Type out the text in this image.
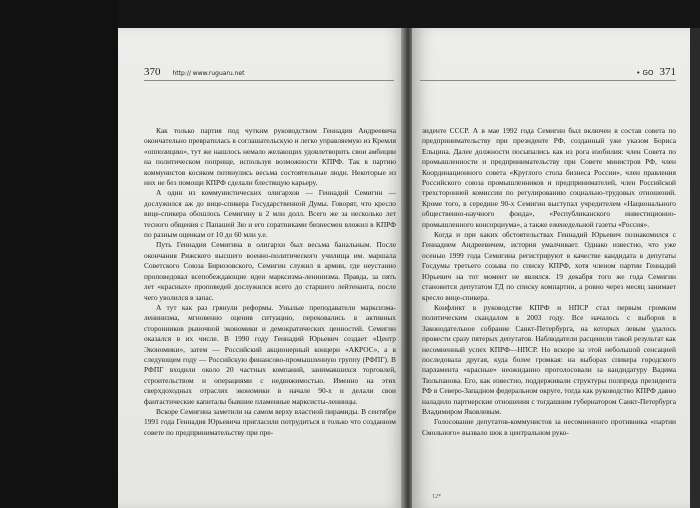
370 http:// www.ruguaru.net

Как только партия под чутким руководством Геннадия Андреевича окончательно превратилась в соглашательскую и легко управляемую из Кремля «оппозицию», тут же нашлось немало желающих удовлетворить свои амбиции на политическом поприще, используя возможности КПРФ. Так в партию коммунистов косяком потянулись весьма состоятельные люди. Некоторые из них не без помощи КПРФ сделали блестящую карьеру.

А один из коммунистических олигархов — Геннадий Семигин — дослужился аж до вице-спикера Государственной Думы. Говорят, что кресло вице-спикера обошлось Семигину в 2 млн долл. Всего же за несколько лет тесного общения с Папашей Зю и его соратниками бизнесмен вложил в КПРФ по разным оценкам от 10 до 60 млн у.е.

Путь Геннадия Семигина в олигархи был весьма банальным. После окончания Рижского высшего военно-политического училища им. маршала Советского Союза Бирюзовского, Семигин служил в армии, где неустанно проповедовал всепобеждающие идеи марксизма-ленинизма. Правда, за пять лет «красных» проповедей дослужился всего до старшего лейтенанта, после чего уволился в запас.

А тут как раз грянули реформы. Унылые преподаватели марксизма-ленинизма, мгновенно оценив ситуацию, перековались в активных сторонников рыночной экономики и демократических ценностей. Семигин оказался в их числе. В 1990 году Геннадий Юрьевич создает «Центр Экономики», затем — Российский акционерный концерн «АКРОС», а в следующем году — Российскую финансово-промышленную группу (РФПГ). В РФПГ входили около 20 частных компаний, занимавшихся торговлей, строительством и операциями с недвижимостью. Именно на этих сверхдоходных отраслях экономики в начале 90-х и делали свои фантастические капиталы бывшие пламенные марксисты-ленинцы.

Вскоре Семигина заметили на самом верху властной пирамиды. В сентябре 1991 года Геннадия Юрьевича пригласили потрудиться в только что созданном совете по предпринимательству при пре-

• GO 371

зиденте СССР. А в мае 1992 года Семигин был включен в состав совета по предпринимательству при президенте РФ, созданный уже указом Бориса Ельцина. Далее должности посыпались как из рога изобилия: член Совета по промышленности и предпринимательству при Совете министров РФ, член Координационного совета «Круглого стола бизнеса России», член правления Российского союза промышленников и предпринимателей, член Российской трехсторонней комиссии по регулированию социально-трудовых отношений. Кроме того, в середине 90-х Семигин выступал учредителем «Национального общественно-научного фонда», «Республиканского инвестиционно-промышленного консорциума», а также еженедельной газеты «Россия».

Когда и при каких обстоятельствах Геннадий Юрьевич познакомился с Геннадием Андреевичем, история умалчивает. Однако известно, что уже осенью 1999 года Семигина регистрируют в качестве кандидата в депутаты Госдумы третьего созыва по списку КПРФ, хотя членом партии Геннадий Юрьевич на тот момент не являлся. 19 декабря того же года Семигин становится депутатом ГД по списку компартии, а ровно через месяц занимает кресло вице-спикера.

Конфликт в руководстве КПРФ и НПСР стал первым громким политическим скандалом в 2003 году. Все началось с выборов в Законодательное собрание Санкт-Петербурга, на которых левым удалось провести сразу пятерых депутатов. Наблюдатели расценили такой результат как несомненный успех КПРФ—НПСР. Но вскоре за этой небольшой сенсацией последовала другая, куда более громкая: на выборах спикера городского парламента «красные» неожиданно проголосовали за кандидатуру Вадима Тюльпанова. Его, как известно, поддерживали структуры полпреда президента РФ в Северо-Западном федеральном округе, тогда как руководство КПРФ давно наладило партнерские отношения с тогдашним губернатором Санкт-Петербурга Владимиром Яковлевым.

Голосование депутатов-коммунистов за несомненного противника «партии Смольного» вызвало шок в центральном руко-

12*
